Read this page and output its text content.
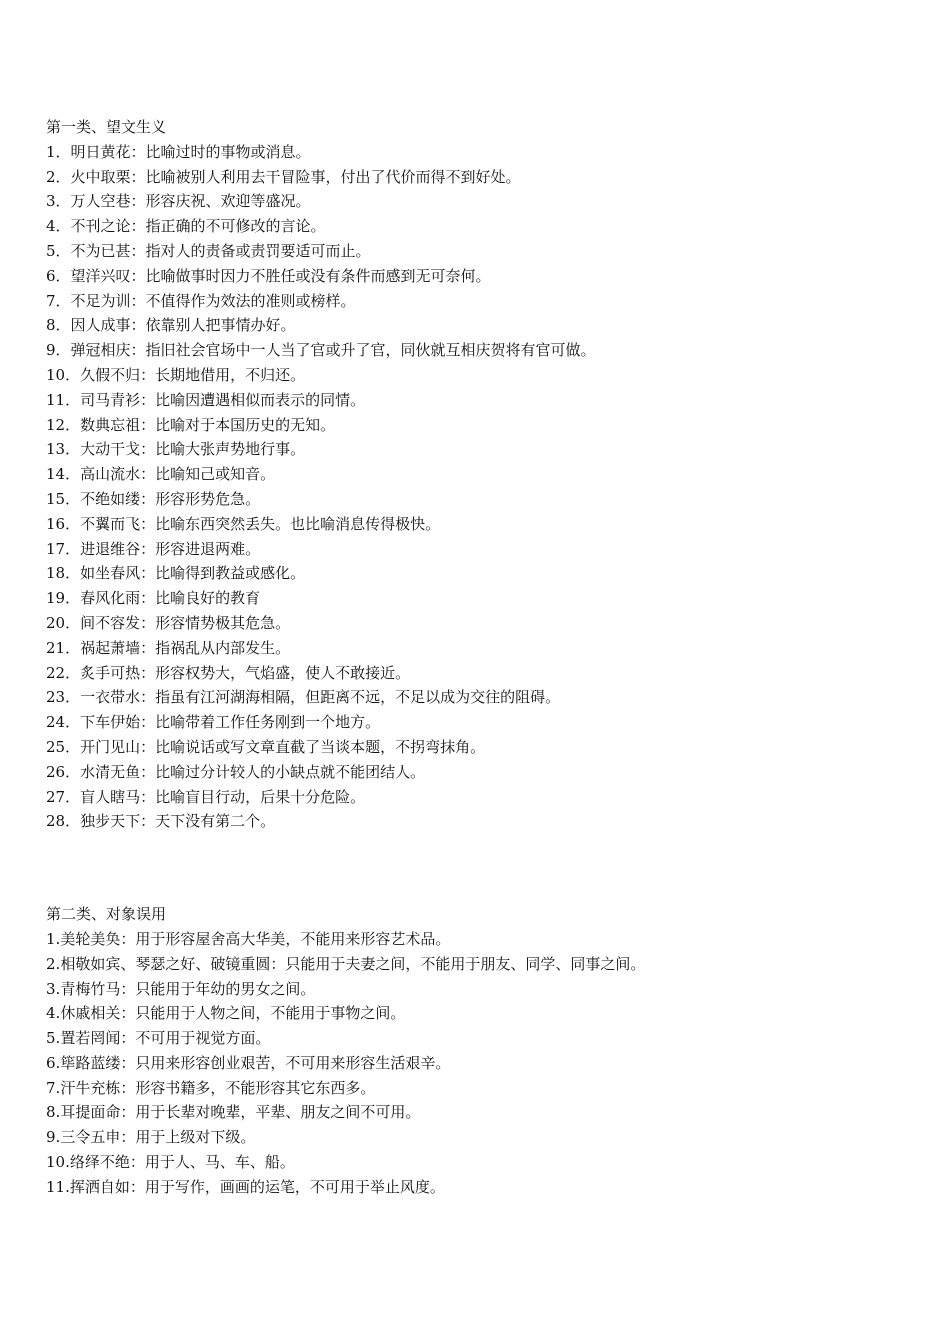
第一类、望文生义
1．明日黄花：比喻过时的事物或消息。
2．火中取栗：比喻被别人利用去干冒险事，付出了代价而得不到好处。
3．万人空巷：形容庆祝、欢迎等盛况。
4．不刊之论：指正确的不可修改的言论。
5．不为已甚：指对人的责备或责罚要适可而止。
6．望洋兴叹：比喻做事时因力不胜任或没有条件而感到无可奈何。
7．不足为训：不值得作为效法的准则或榜样。
8．因人成事：依靠别人把事情办好。
9．弹冠相庆：指旧社会官场中一人当了官或升了官，同伙就互相庆贺将有官可做。
10．久假不归：长期地借用，不归还。
11．司马青衫：比喻因遭遇相似而表示的同情。
12．数典忘祖：比喻对于本国历史的无知。
13．大动干戈：比喻大张声势地行事。
14．高山流水：比喻知己或知音。
15．不绝如缕：形容形势危急。
16．不翼而飞：比喻东西突然丢失。也比喻消息传得极快。
17．进退维谷：形容进退两难。
18．如坐春风：比喻得到教益或感化。
19．春风化雨：比喻良好的教育
20．间不容发：形容情势极其危急。
21．祸起萧墙：指祸乱从内部发生。
22．炙手可热：形容权势大，气焰盛，使人不敢接近。
23．一衣带水：指虽有江河湖海相隔，但距离不远，不足以成为交往的阻碍。
24．下车伊始：比喻带着工作任务刚到一个地方。
25．开门见山：比喻说话或写文章直截了当谈本题，不拐弯抹角。
26．水清无鱼：比喻过分计较人的小缺点就不能团结人。
27．盲人瞎马：比喻盲目行动，后果十分危险。
28．独步天下：天下没有第二个。
第二类、对象误用
1.美轮美奂：用于形容屋舍高大华美，不能用来形容艺术品。
2.相敬如宾、琴瑟之好、破镜重圆：只能用于夫妻之间，不能用于朋友、同学、同事之间。
3.青梅竹马：只能用于年幼的男女之间。
4.休戚相关：只能用于人物之间，不能用于事物之间。
5.置若罔闻：不可用于视觉方面。
6.筚路蓝缕：只用来形容创业艰苦，不可用来形容生活艰辛。
7.汗牛充栋：形容书籍多，不能形容其它东西多。
8.耳提面命：用于长辈对晚辈，平辈、朋友之间不可用。
9.三令五申：用于上级对下级。
10.络绎不绝：用于人、马、车、船。
11.挥洒自如：用于写作，画画的运笔，不可用于举止风度。
